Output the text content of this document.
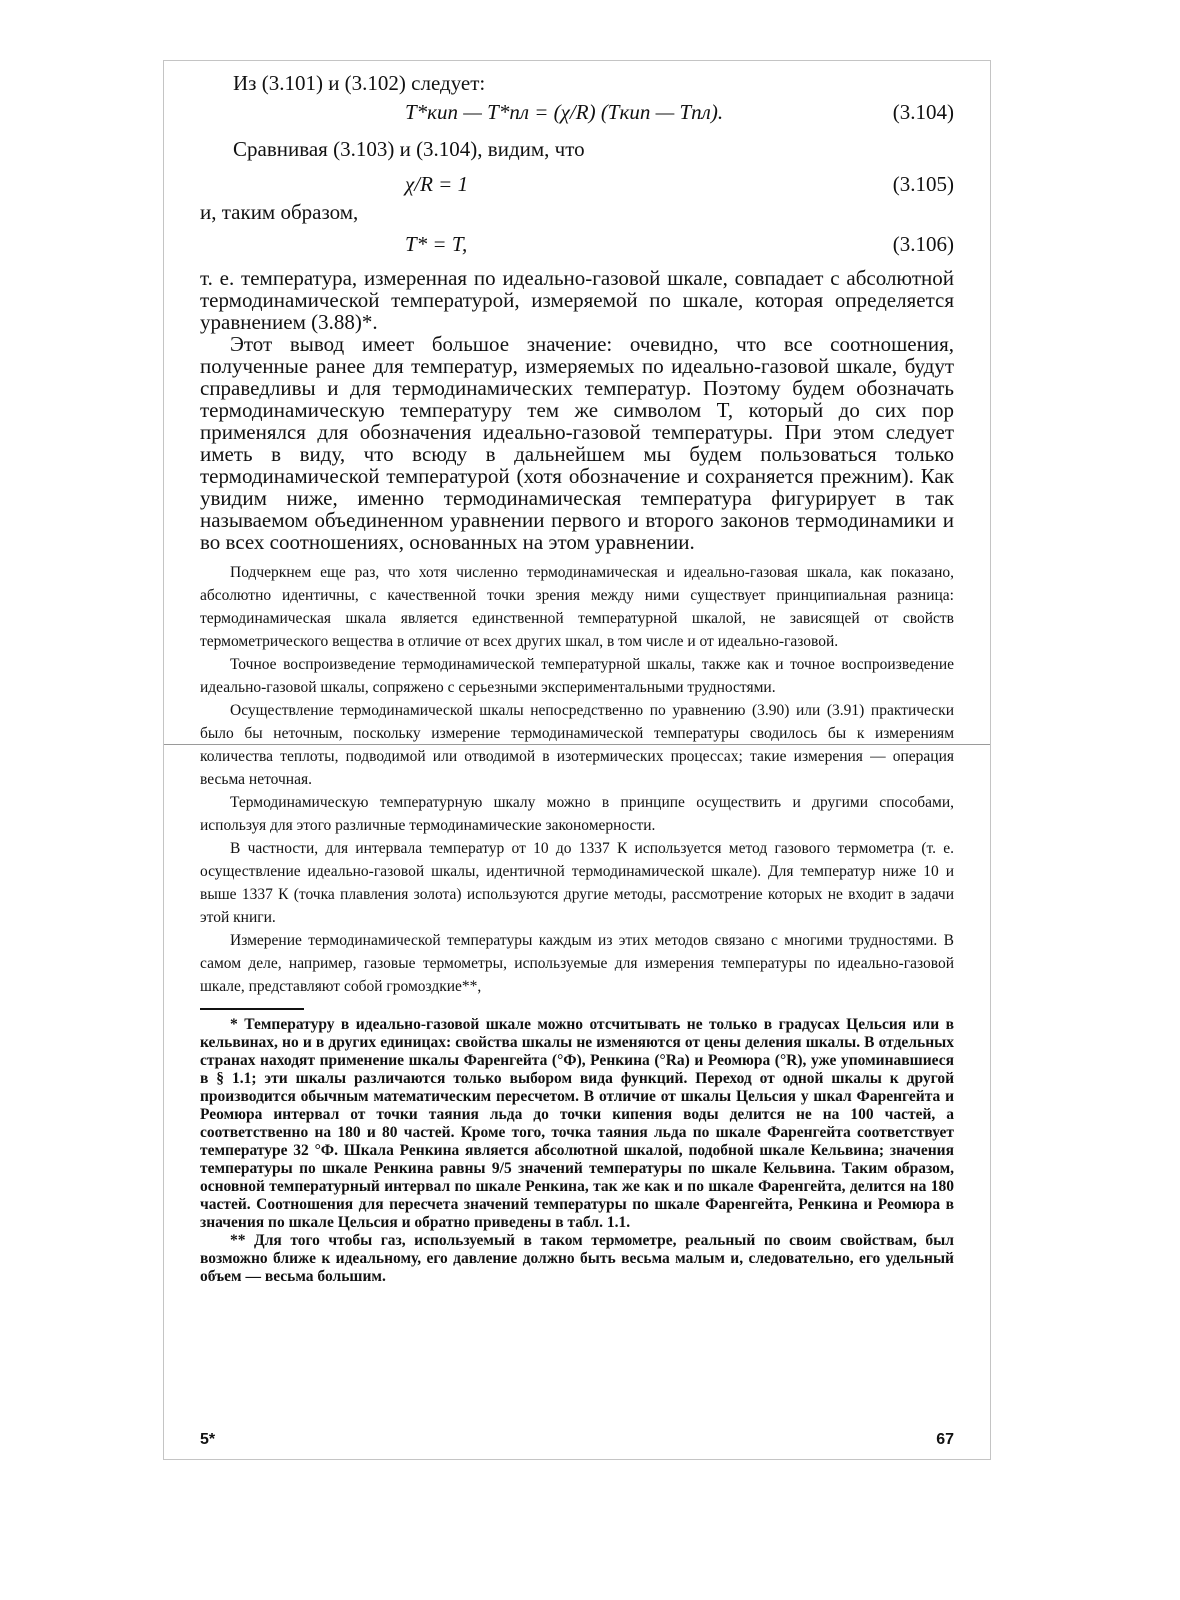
Из (3.101) и (3.102) следует:

T*кип — T*пл = (χ/R) (Tкип — Tпл).	(3.104)

Сравнивая (3.103) и (3.104), видим, что

χ/R = 1	(3.105)

и, таким образом,

T* = T,	(3.106)

т. е. температура, измеренная по идеально-газовой шкале, совпадает с абсолютной термодинамической температурой, измеряемой по шкале, которая определяется уравнением (3.88)*.

Этот вывод имеет большое значение: очевидно, что все соотношения, полученные ранее для температур, измеряемых по идеально-газовой шкале, будут справедливы и для термодинамических температур. Поэтому будем обозначать термодинамическую температуру тем же символом T, который до сих пор применялся для обозначения идеально-газовой температуры. При этом следует иметь в виду, что всюду в дальнейшем мы будем пользоваться только термодинамической температурой (хотя обозначение и сохраняется прежним). Как увидим ниже, именно термодинамическая температура фигурирует в так называемом объединенном уравнении первого и второго законов термодинамики и во всех соотношениях, основанных на этом уравнении.

Подчеркнем еще раз, что хотя численно термодинамическая и идеально-газовая шкала, как показано, абсолютно идентичны, с качественной точки зрения между ними существует принципиальная разница: термодинамическая шкала является единственной температурной шкалой, не зависящей от свойств термометрического вещества в отличие от всех других шкал, в том числе и от идеально-газовой.

Точное воспроизведение термодинамической температурной шкалы, также как и точное воспроизведение идеально-газовой шкалы, сопряжено с серьезными экспериментальными трудностями.

Осуществление термодинамической шкалы непосредственно по уравнению (3.90) или (3.91) практически было бы неточным, поскольку измерение термодинамической температуры сводилось бы к измерениям количества теплоты, подводимой или отводимой в изотермических процессах; такие измерения — операция весьма неточная.

Термодинамическую температурную шкалу можно в принципе осуществить и другими способами, используя для этого различные термодинамические закономерности.

В частности, для интервала температур от 10 до 1337 К используется метод газового термометра (т. е. осуществление идеально-газовой шкалы, идентичной термодинамической шкале). Для температур ниже 10 и выше 1337 К (точка плавления золота) используются другие методы, рассмотрение которых не входит в задачи этой книги.

Измерение термодинамической температуры каждым из этих методов связано с многими трудностями. В самом деле, например, газовые термометры, используемые для измерения температуры по идеально-газовой шкале, представляют собой громоздкие**,

* Температуру в идеально-газовой шкале можно отсчитывать не только в градусах Цельсия или в кельвинах, но и в других единицах: свойства шкалы не изменяются от цены деления шкалы. В отдельных странах находят применение шкалы Фаренгейта (°Ф), Ренкина (°Ra) и Реомюра (°R), уже упоминавшиеся в § 1.1; эти шкалы различаются только выбором вида функций. Переход от одной шкалы к другой производится обычным математическим пересчетом. В отличие от шкалы Цельсия у шкал Фаренгейта и Реомюра интервал от точки таяния льда до точки кипения воды делится не на 100 частей, а соответственно на 180 и 80 частей. Кроме того, точка таяния льда по шкале Фаренгейта соответствует температуре 32 °Ф. Шкала Ренкина является абсолютной шкалой, подобной шкале Кельвина; значения температуры по шкале Ренкина равны 9/5 значений температуры по шкале Кельвина. Таким образом, основной температурный интервал по шкале Ренкина, так же как и по шкале Фаренгейта, делится на 180 частей. Соотношения для пересчета значений температуры по шкале Фаренгейта, Ренкина и Реомюра в значения по шкале Цельсия и обратно приведены в табл. 1.1.

** Для того чтобы газ, используемый в таком термометре, реальный по своим свойствам, был возможно ближе к идеальному, его давление должно быть весьма малым и, следовательно, его удельный объем — весьма большим.

5*	67
